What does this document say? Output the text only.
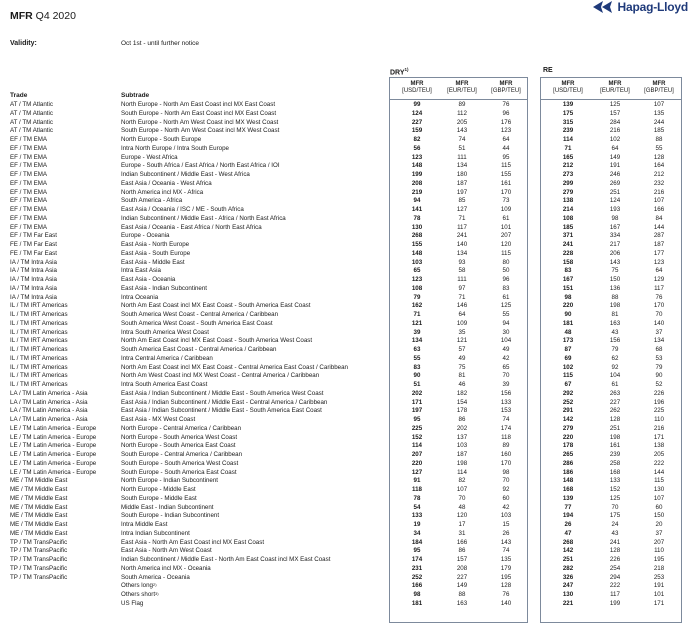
MFR Q4 2020
Hapag-Lloyd
Validity:	Oct 1st - until further notice
DRY$^{1)}$	RE
MFR
[USD/TEU]
MFR
[EUR/TEU]
MFR
[GBP/TEU]
MFR
[USD/TEU]
MFR
[EUR/TEU]
MFR
[GBP/TEU]
Trade	Subtrade
AT / TM Atlantic	North Europe - North Am East Coast incl MX East Coast	99	89	76	139	125	107
AT / TM Atlantic	South Europe - North Am East Coast incl MX East Coast	124	112	96	175	157	135
AT / TM Atlantic	North Europe - North Am West Coast incl MX West Coast	227	205	176	315	284	244
AT / TM Atlantic	South Europe - North Am West Coast incl MX West Coast	159	143	123	239	216	185
EF / TM EMA	North Europe - South Europe	82	74	64	114	102	88
EF / TM EMA	Intra North Europe / Intra South Europe	56	51	44	71	64	55
EF / TM EMA	Europe - West Africa	123	111	95	165	149	128
EF / TM EMA	Europe - South Africa / East Africa / North East Africa / IOI	148	134	115	212	191	164
EF / TM EMA	Indian Subcontinent / Middle East - West Africa	199	180	155	273	246	212
EF / TM EMA	East Asia / Oceania - West Africa	208	187	161	299	269	232
EF / TM EMA	North America incl MX - Africa	219	197	170	279	251	216
EF / TM EMA	South America - Africa	94	85	73	138	124	107
EF / TM EMA	East Asia / Oceania / ISC / ME - South Africa	141	127	109	214	193	166
EF / TM EMA	Indian Subcontinent / Middle East - Africa / North East Africa	78	71	61	108	98	84
EF / TM EMA	East Asia / Oceania - East Africa / North East Africa	130	117	101	185	167	144
EF / TM Far East	Europe - Oceania	268	241	207	371	334	287
FE / TM Far East	East Asia - North Europe	155	140	120	241	217	187
FE / TM Far East	East Asia - South Europe	148	134	115	228	206	177
IA / TM Intra Asia	East Asia - Middle East	103	93	80	158	143	123
IA / TM Intra Asia	Intra East Asia	65	58	50	83	75	64
IA / TM Intra Asia	East Asia - Oceania	123	111	96	167	150	129
IA / TM Intra Asia	East Asia - Indian Subcontinent	108	97	83	151	136	117
IA / TM Intra Asia	Intra Oceania	79	71	61	98	88	76
IL / TM IRT Americas	North Am East Coast incl MX East Coast - South America East Coast	162	146	125	220	198	170
IL / TM IRT Americas	South America West Coast - Central America / Caribbean	71	64	55	90	81	70
IL / TM IRT Americas	South America West Coast - South America East Coast	121	109	94	181	163	140
IL / TM IRT Americas	Intra South America West Coast	39	35	30	48	43	37
IL / TM IRT Americas	North Am East Coast incl MX East Coast - South America West Coast	134	121	104	173	156	134
IL / TM IRT Americas	South America East Coast - Central America / Caribbean	63	57	49	87	79	68
IL / TM IRT Americas	Intra Central America / Caribbean	55	49	42	69	62	53
IL / TM IRT Americas	North Am East Coast incl MX East Coast - Central America East Coast / Caribbean	83	75	65	102	92	79
IL / TM IRT Americas	North Am West Coast incl MX West Coast - Central America / Caribbean	90	81	70	115	104	90
IL / TM IRT Americas	Intra South America East Coast	51	46	39	67	61	52
LA / TM Latin America - Asia	East Asia / Indian Subcontinent / Middle East - South America West Coast	202	182	156	292	263	226
LA / TM Latin America - Asia	East Asia / Indian Subcontinent / Middle East - Central America / Caribbean	171	154	133	252	227	196
LA / TM Latin America - Asia	East Asia / Indian Subcontinent / Middle East - South America East Coast	197	178	153	291	262	225
LA / TM Latin America - Asia	East Asia - MX West Coast	95	86	74	142	128	110
LE / TM Latin America - Europe	North Europe - Central America / Caribbean	225	202	174	279	251	216
LE / TM Latin America - Europe	North Europe - South America West Coast	152	137	118	220	198	171
LE / TM Latin America - Europe	North Europe - South America East Coast	114	103	89	178	161	138
LE / TM Latin America - Europe	South Europe - Central America / Caribbean	207	187	160	265	239	205
LE / TM Latin America - Europe	South Europe - South America West Coast	220	198	170	286	258	222
LE / TM Latin America - Europe	South Europe - South America East Coast	127	114	98	186	168	144
ME / TM Middle East	North Europe - Indian Subcontinent	91	82	70	148	133	115
ME / TM Middle East	North Europe - Middle East	118	107	92	168	152	130
ME / TM Middle East	South Europe - Middle East	78	70	60	139	125	107
ME / TM Middle East	Middle East - Indian Subcontinent	54	48	42	77	70	60
ME / TM Middle East	South Europe - Indian Subcontinent	133	120	103	194	175	150
ME / TM Middle East	Intra Middle East	19	17	15	26	24	20
ME / TM Middle East	Intra Indian Subcontinent	34	31	26	47	43	37
TP / TM TransPacific	East Asia - North Am East Coast incl MX East Coast	184	166	143	268	241	207
TP / TM TransPacific	East Asia - North Am West Coast	95	86	74	142	128	110
TP / TM TransPacific	Indian Subcontinent / Middle East - North Am East Coast incl MX East Coast	174	157	135	251	226	195
TP / TM TransPacific	North America incl MX - Oceania	231	208	179	282	254	218
TP / TM TransPacific	South America - Oceania	252	227	195	326	294	253
Others long$^{2)}$	166	149	128	247	222	191
Others short$^{3)}$	98	88	76	130	117	101
US Flag	181	163	140	221	199	171
